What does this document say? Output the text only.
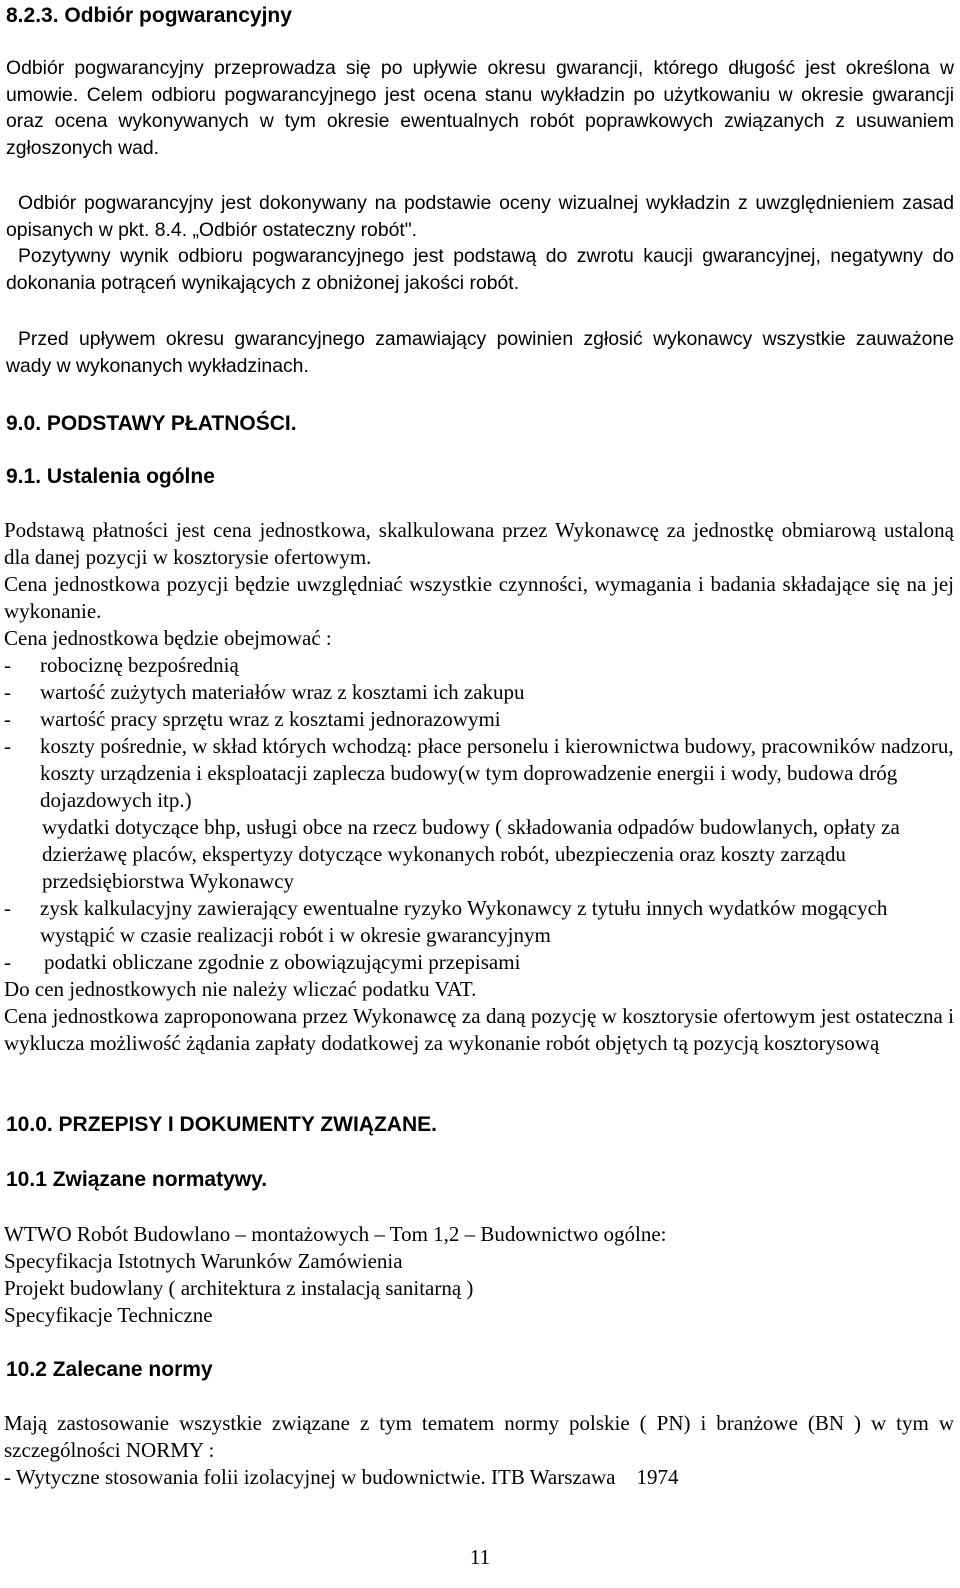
8.2.3. Odbiór pogwarancyjny

Odbiór pogwarancyjny przeprowadza się po upływie okresu gwarancji, którego długość jest określona w umowie. Celem odbioru pogwarancyjnego jest ocena stanu wykładzin po użytkowaniu w okresie gwarancji oraz ocena wykonywanych w tym okresie ewentualnych robót poprawkowych związanych z usuwaniem zgłoszonych wad.

Odbiór pogwarancyjny jest dokonywany na podstawie oceny wizualnej wykładzin z uwzględnieniem zasad opisanych w pkt. 8.4. „Odbiór ostateczny robót".

Pozytywny wynik odbioru pogwarancyjnego jest podstawą do zwrotu kaucji gwarancyjnej, negatywny do dokonania potrąceń wynikających z obniżonej jakości robót.

Przed upływem okresu gwarancyjnego zamawiający powinien zgłosić wykonawcy wszystkie zauważone wady w wykonanych wykładzinach.

9.0. PODSTAWY PŁATNOŚCI.
9.1. Ustalenia ogólne

Podstawą płatności jest cena jednostkowa, skalkulowana przez Wykonawcę za jednostkę obmiarową ustaloną dla danej pozycji w kosztorysie ofertowym.

Cena jednostkowa pozycji będzie uwzględniać wszystkie czynności, wymagania i badania składające się na jej wykonanie.

Cena jednostkowa będzie obejmować :

-	robociznę bezpośrednią
-	wartość zużytych materiałów wraz z kosztami ich zakupu
-	wartość pracy sprzętu wraz z kosztami jednorazowymi
-	koszty pośrednie, w skład których wchodzą: płace personelu i kierownictwa budowy, pracowników nadzoru, koszty urządzenia i eksploatacji zaplecza budowy(w tym doprowadzenie energii i wody, budowa dróg dojazdowych itp.)
wydatki dotyczące bhp, usługi obce na rzecz budowy ( składowania odpadów budowlanych, opłaty za dzierżawę placów, ekspertyzy dotyczące wykonanych robót, ubezpieczenia oraz koszty zarządu przedsiębiorstwa Wykonawcy
-	zysk kalkulacyjny zawierający ewentualne ryzyko Wykonawcy z tytułu innych wydatków mogących wystąpić w czasie realizacji robót i w okresie gwarancyjnym
-	podatki obliczane zgodnie z obowiązującymi przepisami

Do cen jednostkowych nie należy wliczać podatku VAT.

Cena jednostkowa zaproponowana przez Wykonawcę za daną pozycję w kosztorysie ofertowym jest ostateczna i wyklucza możliwość żądania zapłaty dodatkowej za wykonanie robót objętych tą pozycją kosztorysową

10.0. PRZEPISY I DOKUMENTY ZWIĄZANE.
10.1 Związane normatywy.

WTWO Robót Budowlano – montażowych – Tom 1,2 – Budownictwo ogólne:

Specyfikacja Istotnych Warunków Zamówienia

Projekt budowlany ( architektura z instalacją sanitarną )

Specyfikacje Techniczne

10.2 Zalecane normy

Mają zastosowanie wszystkie związane z tym tematem normy polskie ( PN) i branżowe (BN ) w tym w szczególności NORMY :

- Wytyczne stosowania folii izolacyjnej w budownictwie. ITB Warszawa    1974

11
